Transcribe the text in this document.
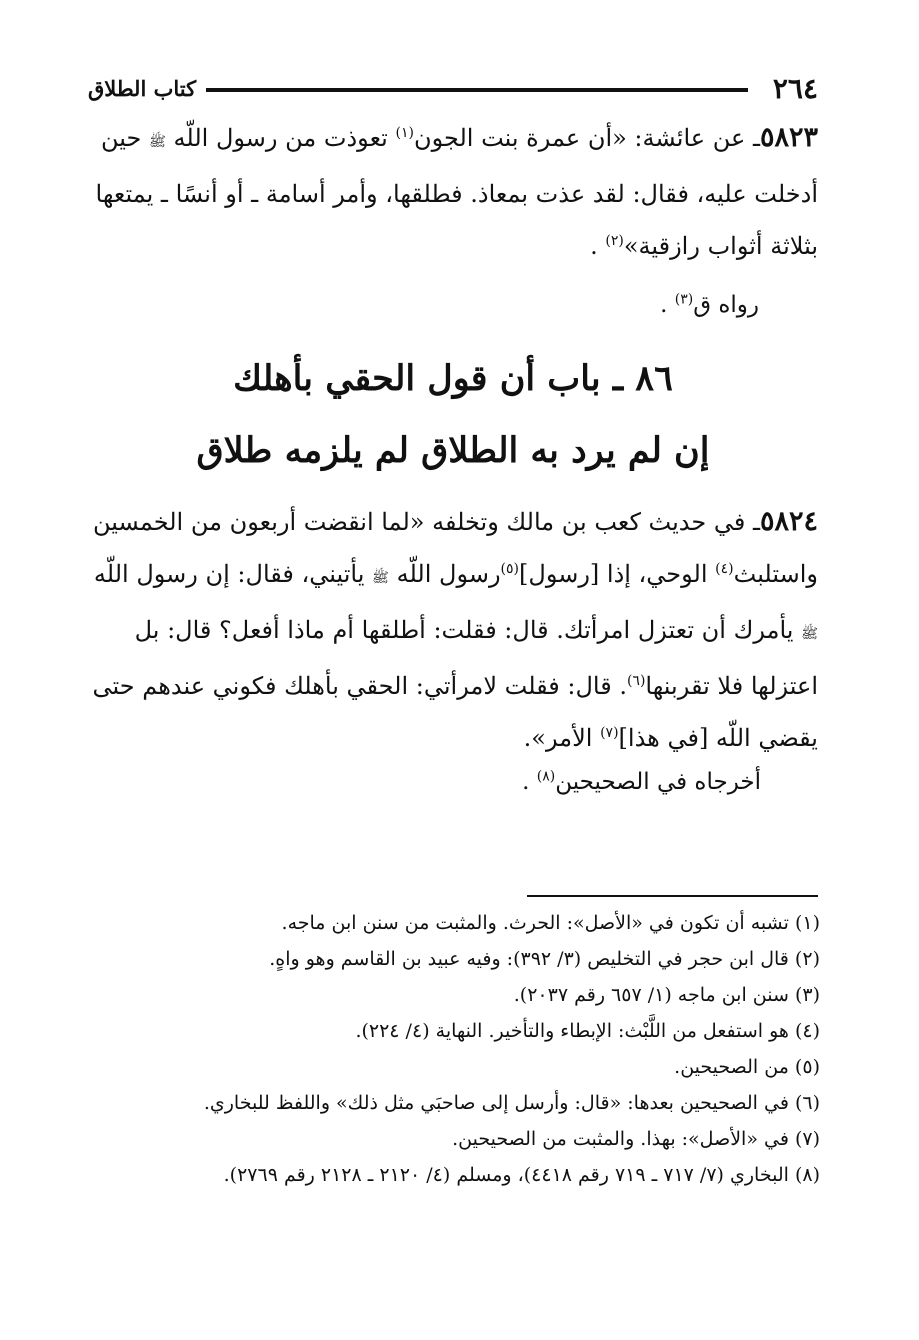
٢٦٤
كتاب الطلاق
٥٨٢٣ـ عن عائشة: «أن عمرة بنت الجون$^{(١)}$ تعوذت من رسول اللّه ﷺ حين
أدخلت عليه، فقال: لقد عذت بمعاذ. فطلقها، وأمر أسامة ـ أو أنسًا ـ يمتعها
بثلاثة أثواب رازقية»$^{(٢)}$ .
رواه ق$^{(٣)}$ .
٨٦ ـ باب أن قول الحقي بأهلك
إن لم يرد به الطلاق لم يلزمه طلاق
٥٨٢٤ـ في حديث كعب بن مالك وتخلفه «لما انقضت أربعون من الخمسين
واستلبث$^{(٤)}$ الوحي، إذا [رسول]$^{(٥)}$رسول اللّه ﷺ يأتيني، فقال: إن رسول اللّه
ﷺ يأمرك أن تعتزل امرأتك. قال: فقلت: أطلقها أم ماذا أفعل؟ قال: بل
اعتزلها فلا تقربنها$^{(٦)}$. قال: فقلت لامرأتي: الحقي بأهلك فكوني عندهم حتى
يقضي اللّه [في هذا]$^{(٧)}$ الأمر».
أخرجاه في الصحيحين$^{(٨)}$ .
(١) تشبه أن تكون في «الأصل»: الحرث. والمثبت من سنن ابن ماجه.
(٢) قال ابن حجر في التخليص (٣/ ٣٩٢): وفيه عبيد بن القاسم وهو واهٍ.
(٣) سنن ابن ماجه (١/ ٦٥٧ رقم ٢٠٣٧).
(٤) هو استفعل من اللَّبْث: الإبطاء والتأخير. النهاية (٤/ ٢٢٤).
(٥) من الصحيحين.
(٦) في الصحيحين بعدها: «قال: وأرسل إلى صاحبَي مثل ذلك» واللفظ للبخاري.
(٧) في «الأصل»: بهذا. والمثبت من الصحيحين.
(٨) البخاري (٧/ ٧١٧ ـ ٧١٩ رقم ٤٤١٨)، ومسلم (٤/ ٢١٢٠ ـ ٢١٢٨ رقم ٢٧٦٩).
